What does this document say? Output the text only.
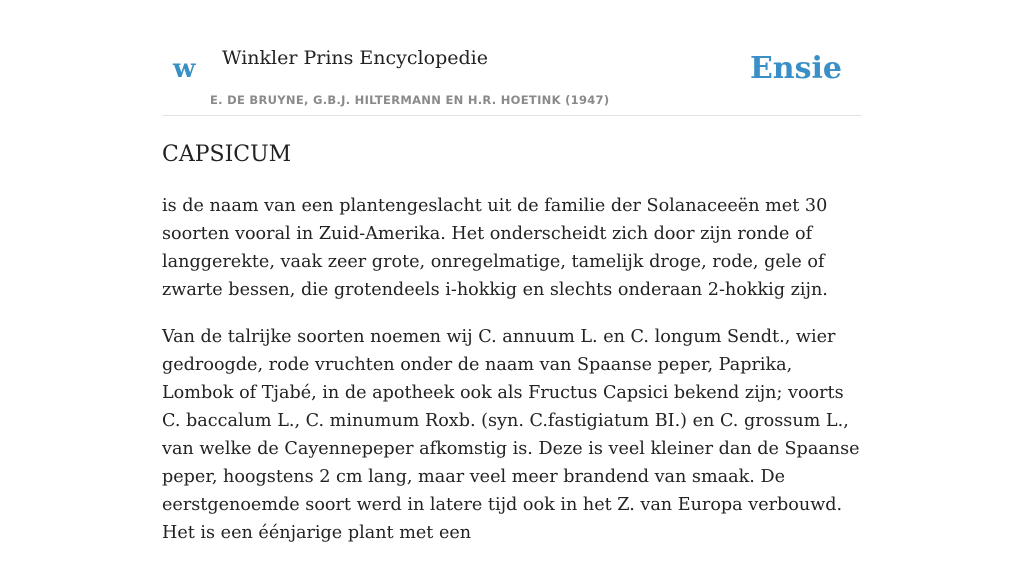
w Winkler Prins Encyclopedie
E. DE BRUYNE, G.B.J. HILTERMANN EN H.R. HOETINK (1947)
Ensie
CAPSICUM

is de naam van een plantengeslacht uit de familie der Solanaceeën met 30 soorten vooral in Zuid-Amerika. Het onderscheidt zich door zijn ronde of langgerekte, vaak zeer grote, onregelmatige, tamelijk droge, rode, gele of zwarte bessen, die grotendeels i-hokkig en slechts onderaan 2-hokkig zijn.

Van de talrijke soorten noemen wij C. annuum L. en C. longum Sendt., wier gedroogde, rode vruchten onder de naam van Spaanse peper, Paprika, Lombok of Tjabé, in de apotheek ook als Fructus Capsici bekend zijn; voorts C. baccalum L., C. minumum Roxb. (syn. C.fastigiatum BI.) en C. grossum L., van welke de Cayennepeper afkomstig is. Deze is veel kleiner dan de Spaanse peper, hoogstens 2 cm lang, maar veel meer brandend van smaak. De eerstgenoemde soort werd in latere tijd ook in het Z. van Europa verbouwd. Het is een éénjarige plant met een
